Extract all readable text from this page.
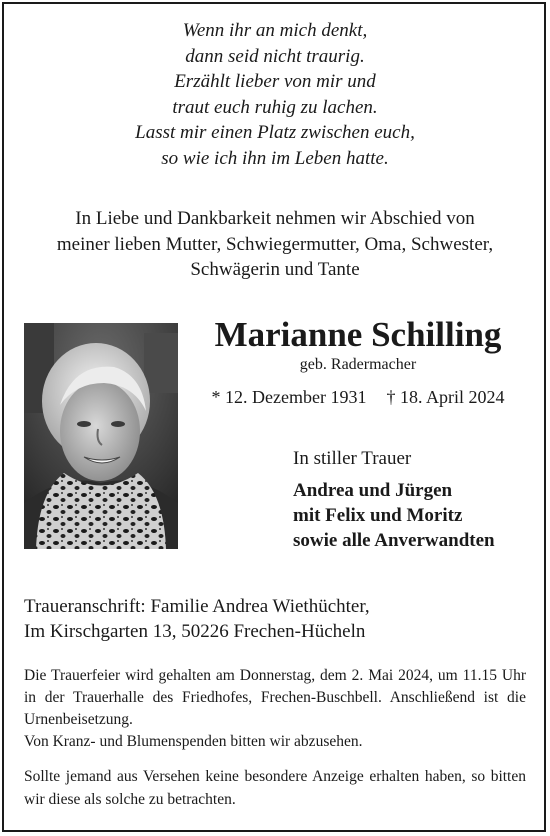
Wenn ihr an mich denkt,
dann seid nicht traurig.
Erzählt lieber von mir und
traut euch ruhig zu lachen.
Lasst mir einen Platz zwischen euch,
so wie ich ihn im Leben hatte.
In Liebe und Dankbarkeit nehmen wir Abschied von
meiner lieben Mutter, Schwiegermutter, Oma, Schwester,
Schwägerin und Tante
Marianne Schilling
geb. Radermacher
* 12. Dezember 1931 † 18. April 2024
In stiller Trauer
Andrea und Jürgen
mit Felix und Moritz
sowie alle Anverwandten
Traueranschrift: Familie Andrea Wiethüchter,
Im Kirschgarten 13, 50226 Frechen-Hücheln

Die Trauerfeier wird gehalten am Donnerstag, dem 2. Mai 2024, um 11.15 Uhr in der Trauerhalle des Friedhofes, Frechen-Buschbell. Anschließend ist die Urnenbeisetzung.

Von Kranz- und Blumenspenden bitten wir abzusehen.

Sollte jemand aus Versehen keine besondere Anzeige erhalten haben, so bitten wir diese als solche zu betrachten.
